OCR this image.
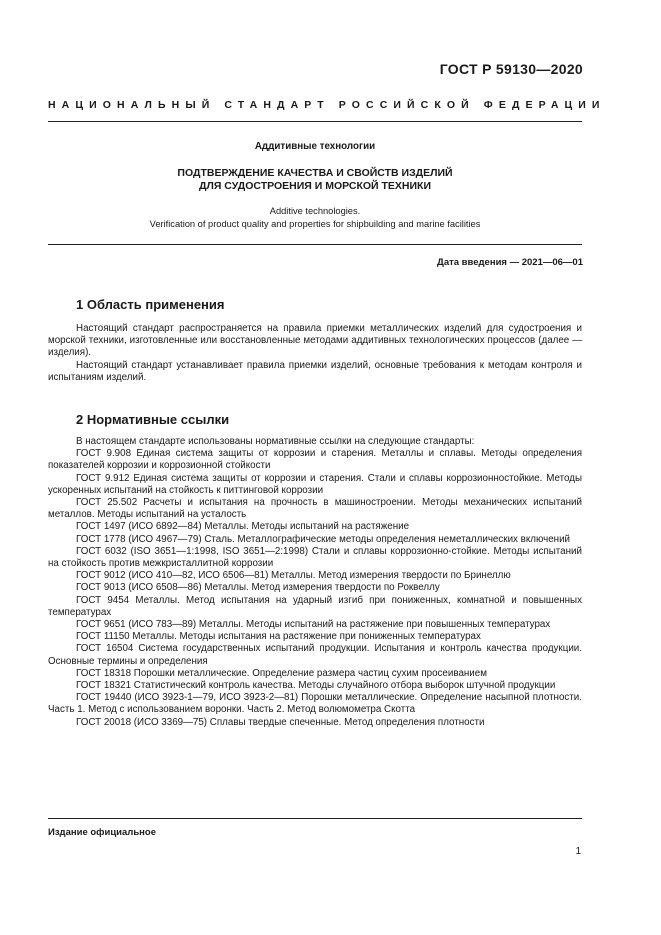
ГОСТ Р 59130—2020
НАЦИОНАЛЬНЫЙ СТАНДАРТ РОССИЙСКОЙ ФЕДЕРАЦИИ
Аддитивные технологии
ПОДТВЕРЖДЕНИЕ КАЧЕСТВА И СВОЙСТВ ИЗДЕЛИЙ
ДЛЯ СУДОСТРОЕНИЯ И МОРСКОЙ ТЕХНИКИ
Additive technologies.
Verification of product quality and properties for shipbuilding and marine facilities
Дата введения — 2021—06—01
1 Область применения

Настоящий стандарт распространяется на правила приемки металлических изделий для судостроения и морской техники, изготовленные или восстановленные методами аддитивных технологических процессов (далее — изделия).

Настоящий стандарт устанавливает правила приемки изделий, основные требования к методам контроля и испытаниям изделий.

2 Нормативные ссылки

В настоящем стандарте использованы нормативные ссылки на следующие стандарты:

ГОСТ 9.908 Единая система защиты от коррозии и старения. Металлы и сплавы. Методы определения показателей коррозии и коррозионной стойкости

ГОСТ 9.912 Единая система защиты от коррозии и старения. Стали и сплавы коррозионностойкие. Методы ускоренных испытаний на стойкость к питтинговой коррозии

ГОСТ 25.502 Расчеты и испытания на прочность в машиностроении. Методы механических испытаний металлов. Методы испытаний на усталость

ГОСТ 1497 (ИСО 6892—84) Металлы. Методы испытаний на растяжение

ГОСТ 1778 (ИСО 4967—79) Сталь. Металлографические методы определения неметаллических включений

ГОСТ 6032 (ISO 3651—1:1998, ISO 3651—2:1998) Стали и сплавы коррозионно-стойкие. Методы испытаний на стойкость против межкристаллитной коррозии

ГОСТ 9012 (ИСО 410—82, ИСО 6506—81) Металлы. Метод измерения твердости по Бринеллю

ГОСТ 9013 (ИСО 6508—86) Металлы. Метод измерения твердости по Роквеллу

ГОСТ 9454 Металлы. Метод испытания на ударный изгиб при пониженных, комнатной и повышенных температурах

ГОСТ 9651 (ИСО 783—89) Металлы. Методы испытаний на растяжение при повышенных температурах

ГОСТ 11150 Металлы. Методы испытания на растяжение при пониженных температурах

ГОСТ 16504 Система государственных испытаний продукции. Испытания и контроль качества продукции. Основные термины и определения

ГОСТ 18318 Порошки металлические. Определение размера частиц сухим просеиванием

ГОСТ 18321 Статистический контроль качества. Методы случайного отбора выборок штучной продукции

ГОСТ 19440 (ИСО 3923-1—79, ИСО 3923-2—81) Порошки металлические. Определение насыпной плотности. Часть 1. Метод с использованием воронки. Часть 2. Метод волюмометра Скотта

ГОСТ 20018 (ИСО 3369—75) Сплавы твердые спеченные. Метод определения плотности

Издание официальное
1
